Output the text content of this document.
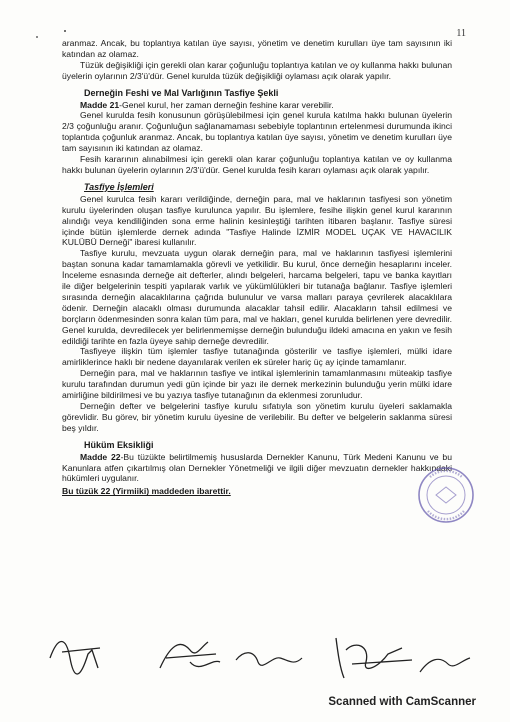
11

aranmaz. Ancak, bu toplantıya katılan üye sayısı, yönetim ve denetim kurulları üye tam sayısının iki katından az olamaz.

Tüzük değişikliği için gerekli olan karar çoğunluğu toplantıya katılan ve oy kullanma hakkı bulunan üyelerin oylarının 2/3'ü'dür. Genel kurulda tüzük değişikliği oylaması açık olarak yapılır.

Derneğin Feshi ve Mal Varlığının Tasfiye Şekli

Madde 21-Genel kurul, her zaman derneğin feshine karar verebilir.

Genel kurulda fesih konusunun görüşülebilmesi için genel kurula katılma hakkı bulunan üyelerin 2/3 çoğunluğu aranır. Çoğunluğun sağlanamaması sebebiyle toplantının ertelenmesi durumunda ikinci toplantıda çoğunluk aranmaz. Ancak, bu toplantıya katılan üye sayısı, yönetim ve denetim kurulları üye tam sayısının iki katından az olamaz.

Fesih kararının alınabilmesi için gerekli olan karar çoğunluğu toplantıya katılan ve oy kullanma hakkı bulunan üyelerin oylarının 2/3'ü'dür. Genel kurulda fesih kararı oylaması açık olarak yapılır.

Tasfiye İşlemleri

Genel kurulca fesih kararı verildiğinde, derneğin para, mal ve haklarının tasfiyesi son yönetim kurulu üyelerinden oluşan tasfiye kurulunca yapılır. Bu işlemlere, fesihe ilişkin genel kurul kararının alındığı veya kendiliğinden sona erme halinin kesinleştiği tarihten itibaren başlanır. Tasfiye süresi içinde bütün işlemlerde dernek adında "Tasfiye Halinde İZMİR MODEL UÇAK VE HAVACILIK KULÜBÜ Derneği" ibaresi kullanılır.

Tasfiye kurulu, mevzuata uygun olarak derneğin para, mal ve haklarının tasfiyesi işlemlerini baştan sonuna kadar tamamlamakla görevli ve yetkilidir. Bu kurul, önce derneğin hesaplarını inceler. İnceleme esnasında derneğe ait defterler, alındı belgeleri, harcama belgeleri, tapu ve banka kayıtları ile diğer belgelerinin tespiti yapılarak varlık ve yükümlülükleri bir tutanağa bağlanır. Tasfiye işlemleri sırasında derneğin alacaklılarına çağrıda bulunulur ve varsa malları paraya çevrilerek alacaklılara ödenir. Derneğin alacaklı olması durumunda alacaklar tahsil edilir. Alacakların tahsil edilmesi ve borçların ödenmesinden sonra kalan tüm para, mal ve hakları, genel kurulda belirlenen yere devredilir. Genel kurulda, devredilecek yer belirlenmemişse derneğin bulunduğu ildeki amacına en yakın ve fesih edildiği tarihte en fazla üyeye sahip derneğe devredilir.

Tasfiyeye ilişkin tüm işlemler tasfiye tutanağında gösterilir ve tasfiye işlemleri, mülki idare amirliklerince haklı bir nedene dayanılarak verilen ek süreler hariç üç ay içinde tamamlanır.

Derneğin para, mal ve haklarının tasfiye ve intikal işlemlerinin tamamlanmasını müteakip tasfiye kurulu tarafından durumun yedi gün içinde bir yazı ile dernek merkezinin bulunduğu yerin mülki idare amirliğine bildirilmesi ve bu yazıya tasfiye tutanağının da eklenmesi zorunludur.

Derneğin defter ve belgelerini tasfiye kurulu sıfatıyla son yönetim kurulu üyeleri saklamakla görevlidir. Bu görev, bir yönetim kurulu üyesine de verilebilir. Bu defter ve belgelerin saklanma süresi beş yıldır.

Hüküm Eksikliği

Madde 22-Bu tüzükte belirtilmemiş hususlarda Dernekler Kanunu, Türk Medeni Kanunu ve bu Kanunlara atfen çıkartılmış olan Dernekler Yönetmeliği ve ilgili diğer mevzuatın dernekler hakkındaki hükümleri uygulanır.

Bu tüzük 22 (Yirmiiki) maddeden ibarettir.

Scanned with CamScanner
